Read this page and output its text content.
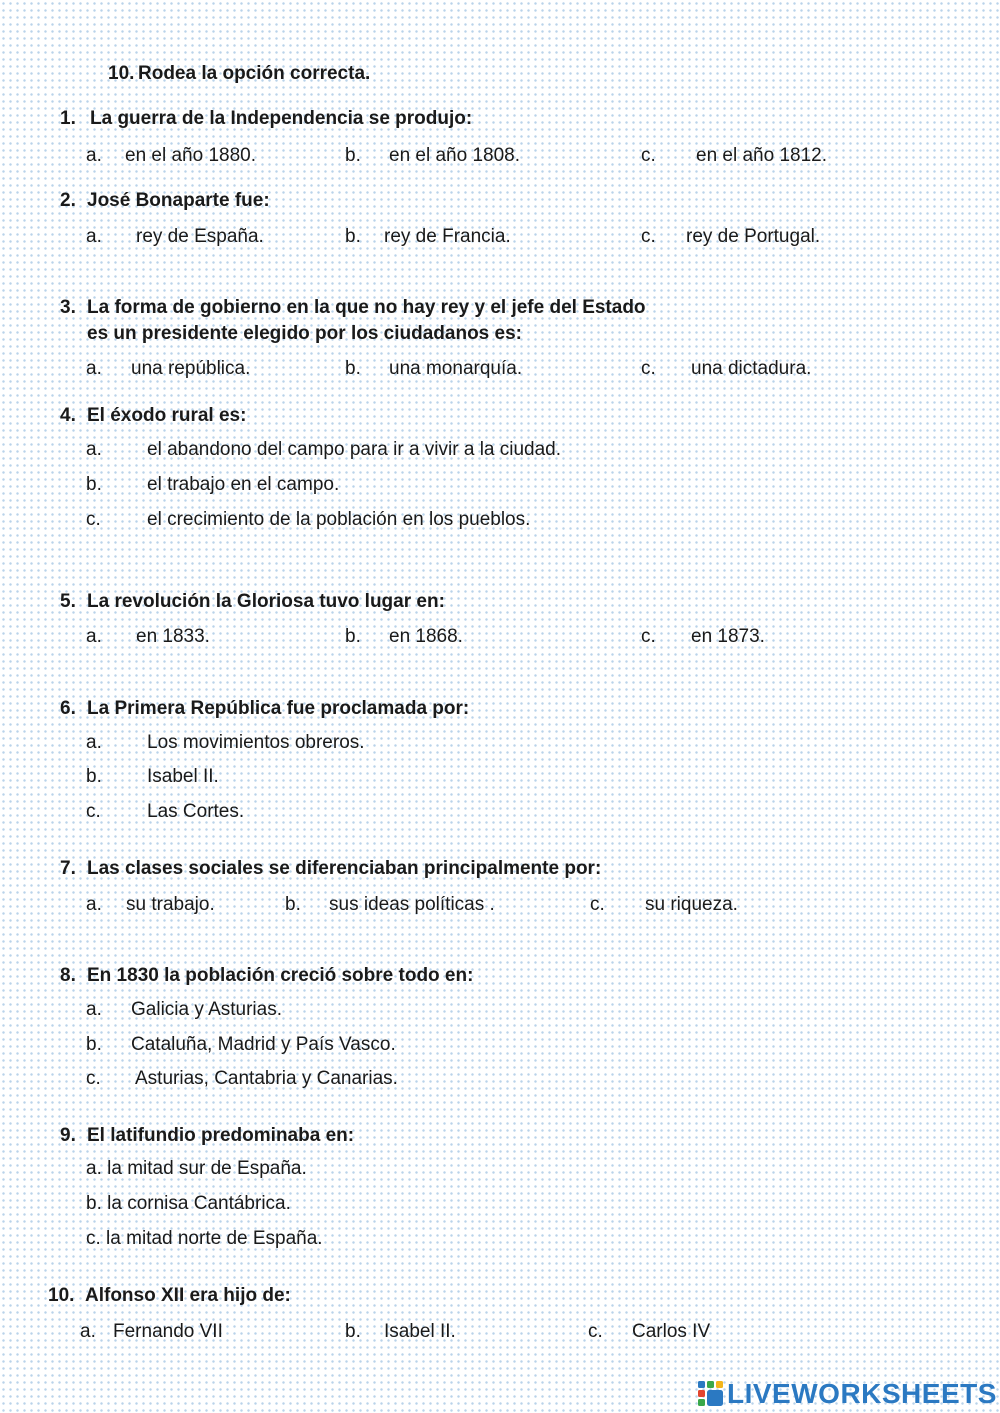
10. Rodea la opción correcta.
1. La guerra de la Independencia se produjo:
a. en el año 1880.	b. en el año 1808.	c. en el año 1812.
2. José Bonaparte fue:
a. rey de España.	b. rey de Francia.	c. rey de Portugal.
3. La forma de gobierno en la que no hay rey y el jefe del Estado
es un presidente elegido por los ciudadanos es:
a. una república.	b. una monarquía.	c. una dictadura.
4. El éxodo rural es:
a. el abandono del campo para ir a vivir a la ciudad.
b. el trabajo en el campo.
c. el crecimiento de la población en los pueblos.
5. La revolución la Gloriosa tuvo lugar en:
a. en 1833.	b. en 1868.	c. en 1873.
6. La Primera República fue proclamada por:
a. Los movimientos obreros.
b. Isabel II.
c. Las Cortes.
7. Las clases sociales se diferenciaban principalmente por:
a. su trabajo.	b. sus ideas políticas .	c. su riqueza.
8. En 1830 la población creció sobre todo en:
a. Galicia y Asturias.
b. Cataluña, Madrid y País Vasco.
c. Asturias, Cantabria y Canarias.
9. El latifundio predominaba en:
a. la mitad sur de España.
b. la cornisa Cantábrica.
c. la mitad norte de España.
10. Alfonso XII era hijo de:
a. Fernando VII	b. Isabel II.	c. Carlos IV
LIVEWORKSHEETS
